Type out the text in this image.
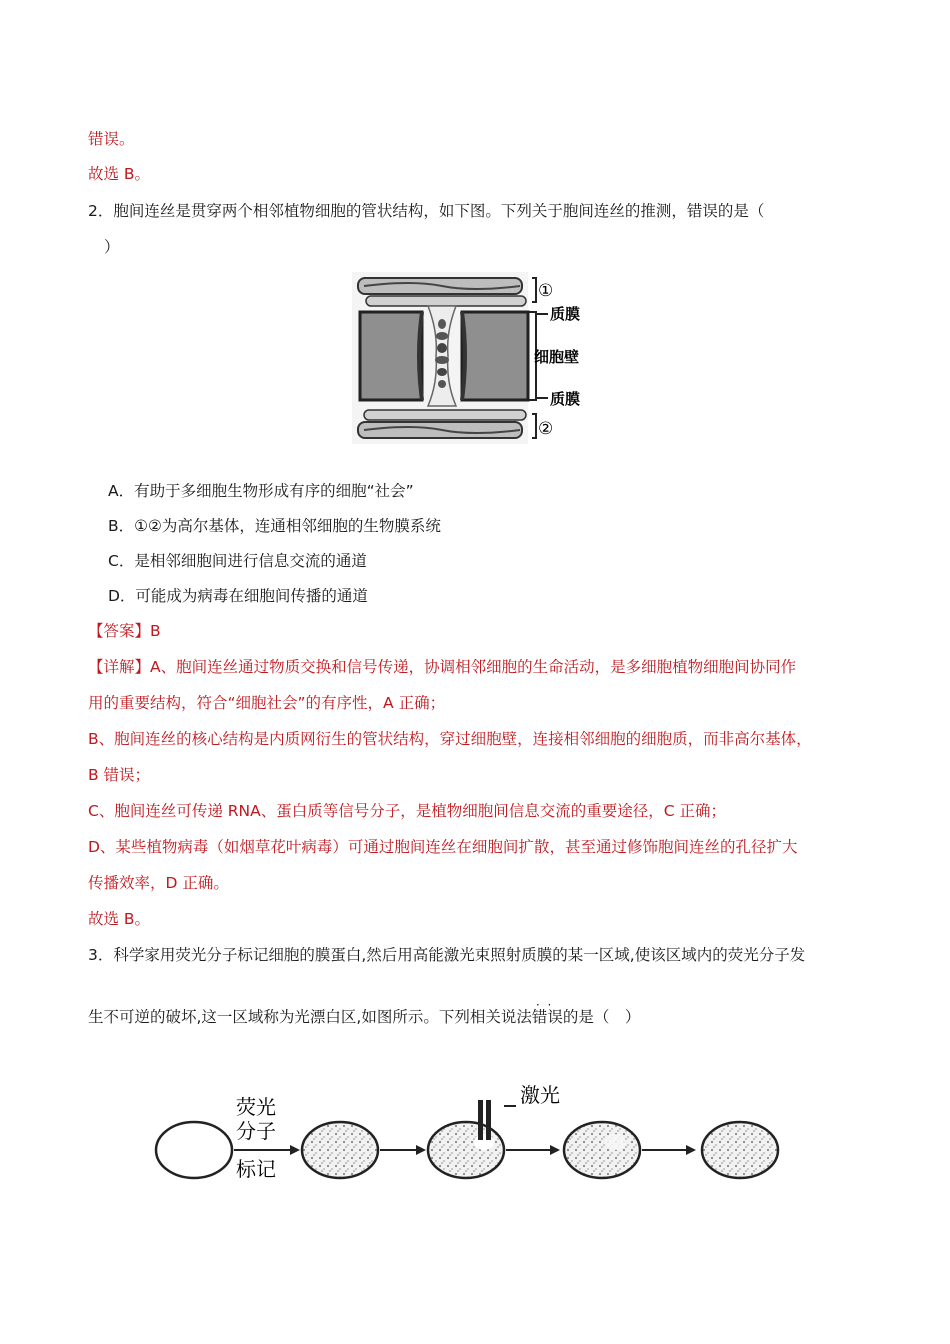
错误。
故选 B。
2．胞间连丝是贯穿两个相邻植物细胞的管状结构，如下图。下列关于胞间连丝的推测，错误的是（
）
①
质膜
细胞壁
质膜
②
A．有助于多细胞生物形成有序的细胞“社会”
B．①②为高尔基体，连通相邻细胞的生物膜系统
C．是相邻细胞间进行信息交流的通道
D．可能成为病毒在细胞间传播的通道
【答案】B
【详解】A、胞间连丝通过物质交换和信号传递，协调相邻细胞的生命活动，是多细胞植物细胞间协同作
用的重要结构，符合“细胞社会”的有序性，A 正确；
B、胞间连丝的核心结构是内质网衍生的管状结构，穿过细胞壁，连接相邻细胞的细胞质，而非高尔基体，
B 错误；
C、胞间连丝可传递 RNA、蛋白质等信号分子，是植物细胞间信息交流的重要途径，C 正确；
D、某些植物病毒（如烟草花叶病毒）可通过胞间连丝在细胞间扩散，甚至通过修饰胞间连丝的孔径扩大
传播效率，D 正确。
故选 B。
3．科学家用荧光分子标记细胞的膜蛋白,然后用高能激光束照射质膜的某一区域,使该区域内的荧光分子发
生不可逆的破坏,这一区域称为光漂白区,如图所示。下列相关说法· · 错误的是（　）
荧光
分子
标记
激光
